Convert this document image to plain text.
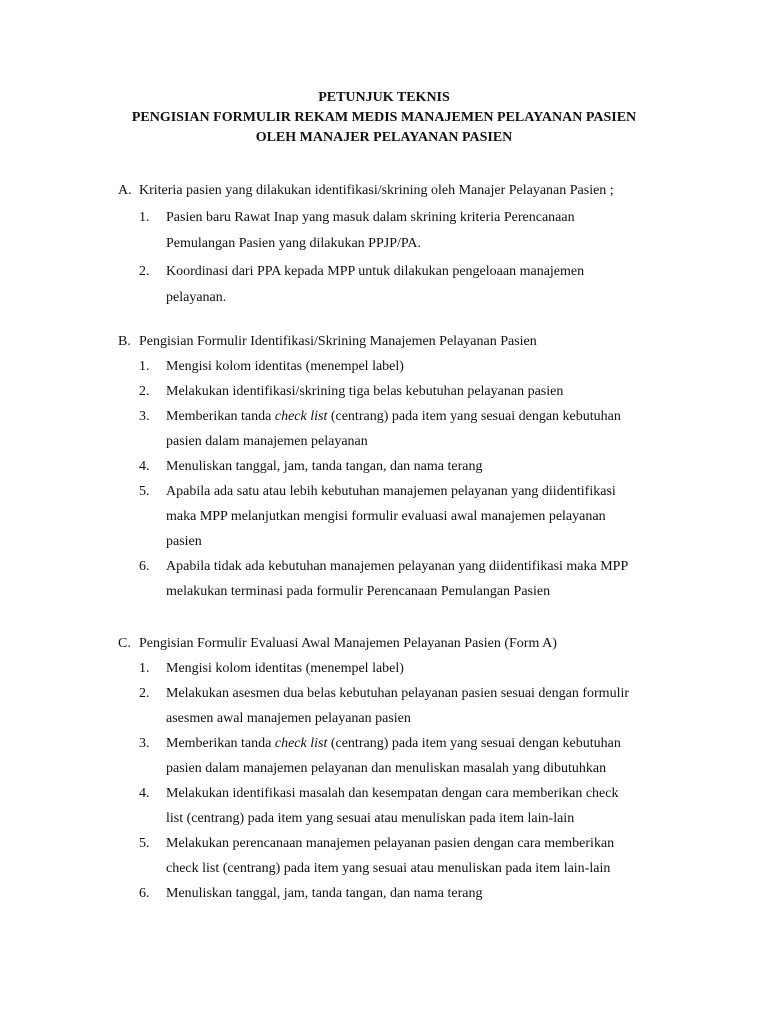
PETUNJUK TEKNIS
PENGISIAN FORMULIR REKAM MEDIS MANAJEMEN PELAYANAN PASIEN
OLEH MANAJER PELAYANAN PASIEN
A. Kriteria pasien yang dilakukan identifikasi/skrining oleh Manajer Pelayanan Pasien ;
1. Pasien baru Rawat Inap yang masuk dalam skrining kriteria Perencanaan
Pemulangan Pasien yang dilakukan PPJP/PA.
2. Koordinasi dari PPA kepada MPP untuk dilakukan pengeloaan manajemen
pelayanan.
B. Pengisian Formulir Identifikasi/Skrining Manajemen Pelayanan Pasien
1. Mengisi kolom identitas (menempel label)
2. Melakukan identifikasi/skrining tiga belas kebutuhan pelayanan pasien
3. Memberikan tanda check list (centrang) pada item yang sesuai dengan kebutuhan
pasien dalam manajemen pelayanan
4. Menuliskan tanggal, jam, tanda tangan, dan nama terang
5. Apabila ada satu atau lebih kebutuhan manajemen pelayanan yang diidentifikasi
maka MPP melanjutkan mengisi formulir evaluasi awal manajemen pelayanan
pasien
6. Apabila tidak ada kebutuhan manajemen pelayanan yang diidentifikasi maka MPP
melakukan terminasi pada formulir Perencanaan Pemulangan Pasien
C. Pengisian Formulir Evaluasi Awal Manajemen Pelayanan Pasien (Form A)
1. Mengisi kolom identitas (menempel label)
2. Melakukan asesmen dua belas kebutuhan pelayanan pasien sesuai dengan formulir
asesmen awal manajemen pelayanan pasien
3. Memberikan tanda check list (centrang) pada item yang sesuai dengan kebutuhan
pasien dalam manajemen pelayanan dan menuliskan masalah yang dibutuhkan
4. Melakukan identifikasi masalah dan kesempatan dengan cara memberikan check
list (centrang) pada item yang sesuai atau menuliskan pada item lain-lain
5. Melakukan perencanaan manajemen pelayanan pasien dengan cara memberikan
check list (centrang) pada item yang sesuai atau menuliskan pada item lain-lain
6. Menuliskan tanggal, jam, tanda tangan, dan nama terang
